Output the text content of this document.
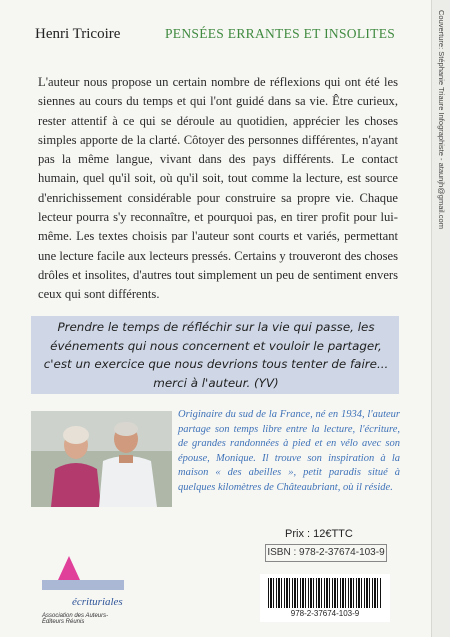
Henri Tricoire	PENSÉES ERRANTES ET INSOLITES
L'auteur nous propose un certain nombre de réflexions qui ont été les siennes au cours du temps et qui l'ont guidé dans sa vie. Être curieux, rester attentif à ce qui se déroule au quotidien, apprécier les choses simples apporte de la clarté. Côtoyer des personnes différentes, n'ayant pas la même langue, vivant dans des pays différents. Le contact humain, quel qu'il soit, où qu'il soit, tout comme la lecture, est source d'enrichissement considérable pour construire sa propre vie. Chaque lecteur pourra s'y reconnaître, et pourquoi pas, en tirer profit pour lui-même. Les textes choisis par l'auteur sont courts et variés, permettant une lecture facile aux lecteurs pressés. Certains y trouveront des choses drôles et insolites, d'autres tout simplement un peu de sentiment envers ceux qui sont différents.
Prendre le temps de réfléchir sur la vie qui passe, les événements qui nous concernent et vouloir le partager, c'est un exercice que nous devrions tous tenter de faire... merci à l'auteur. (YV)
Originaire du sud de la France, né en 1934, l'auteur partage son temps libre entre la lecture, l'écriture, de grandes randonnées à pied et en vélo avec son épouse, Monique. Il trouve son inspiration à la maison « des abeilles », petit paradis situé à quelques kilomètres de Châteaubriant, où il réside.
Prix : 12€TTC
ISBN : 978-2-37674-103-9
978-2-37674-103-9
écrituriales
Association des Auteurs-Éditeurs Réunis
Couverture: Stéphanie Triaure Infographiste - ataunjh@gmail.com
